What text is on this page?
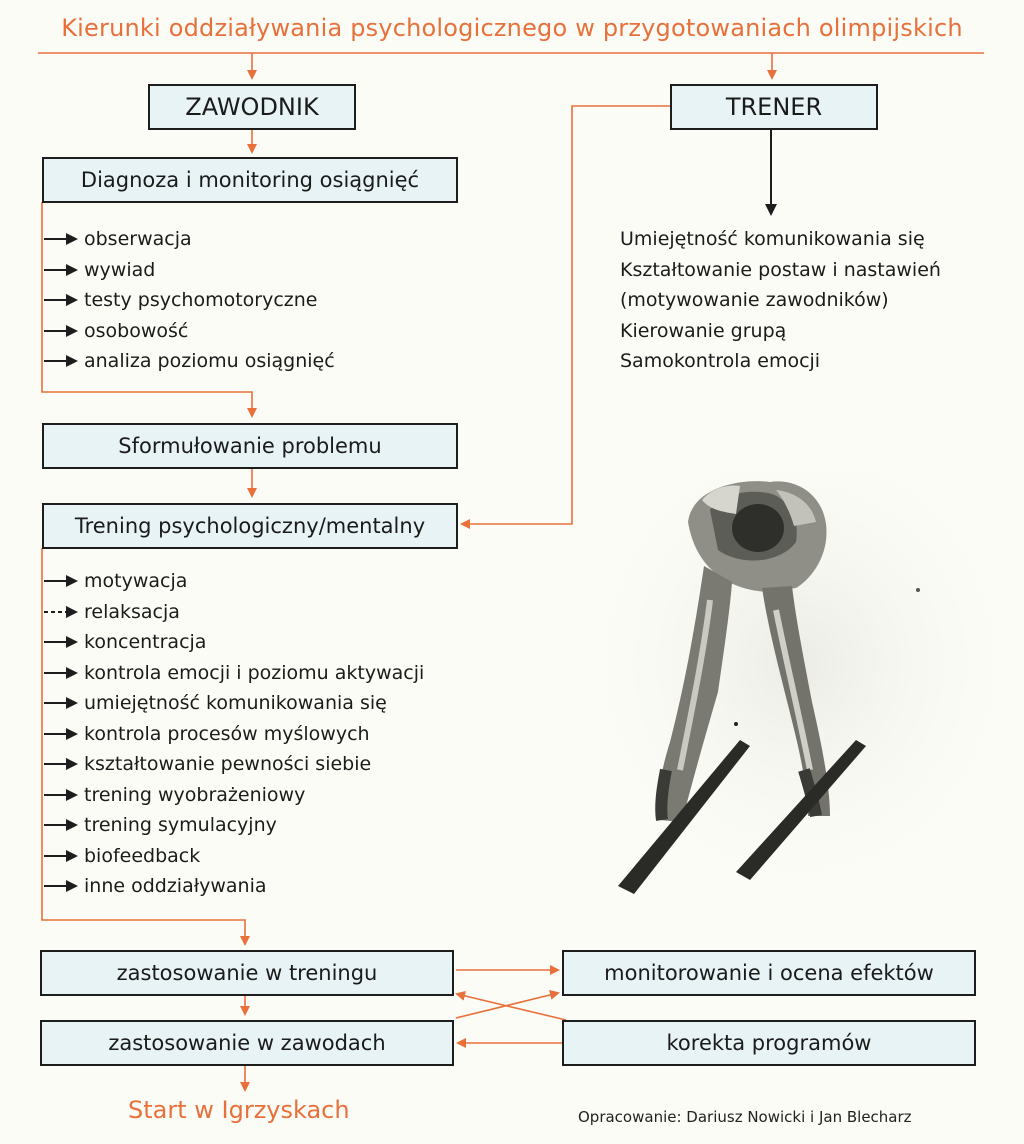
Kierunki oddziaływania psychologicznego w przygotowaniach olimpijskich
ZAWODNIK	TRENER
Diagnoza i monitoring osiągnięć
obserwacja
wywiad
testy psychomotoryczne
osobowość
analiza poziomu osiągnięć
Umiejętność komunikowania się
Kształtowanie postaw i nastawień
(motywowanie zawodników)
Kierowanie grupą
Samokontrola emocji
Sformułowanie problemu
Trening psychologiczny/mentalny
motywacja
relaksacja
koncentracja
kontrola emocji i poziomu aktywacji
umiejętność komunikowania się
kontrola procesów myślowych
kształtowanie pewności siebie
trening wyobrażeniowy
trening symulacyjny
biofeedback
inne oddziaływania
zastosowanie w treningu
zastosowanie w zawodach
monitorowanie i ocena efektów
korekta programów
Start w Igrzyskach	Opracowanie: Dariusz Nowicki i Jan Blecharz
